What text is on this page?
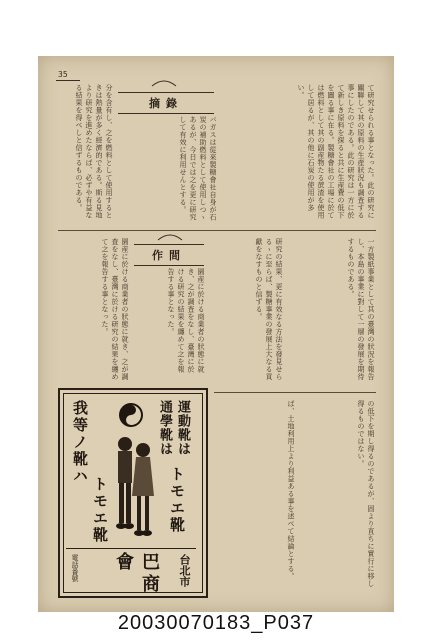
35
て研究せられる事となった。此の研究に關聯して其の原料の生産狀況も調査する事にしたのである。此の研究は一方に於て新しき原料を探ると共に生産費の低下を圖る事に在る。製糖會社の工場に於ては燃料として其の副産物たる蔗渣を使用して居るが、其の他に石炭の使用が多い。
分を含有し、之を燃料として使用するときは熱量が多く經濟的である。斯る見地より研究を進めたならば、必ずや有益なる結果を得べしと信ずるものである。	摘錄
バガスは從來製糖會社自身が石炭の補助燃料として使用しつゝあるが、今日では之を更に研究して有效に利用せんとする。
一方製紙事業として其の臺灣の狀況を報告し、本島の事業に對して一層の發展を期待するものである。
研究の結果、更に有效なる方法を發見せらるゝに至らば、製糖事業の發展上大なる貢獻をなすものと信ずる。
作間
園産に於ける商業者の狀態に就き、之が調査をなし、臺灣に於ける研究の結果を纏めて之を報告する事となった。	園産に於ける商業者の狀態に就き、之が調査をなし、臺灣に於ける研究の結果を纏めて之を報告する事となった。
の低下を期し得るのであるが、固より直ちに實行に移し得るものではない。
ば、土地利用上より利益ある事を述べて結論とする。
運動靴は
通學靴は
トモエ靴
我等ノ靴ハ
トモエ靴
台北市
巴商會
電話番號
20030070183_P037
